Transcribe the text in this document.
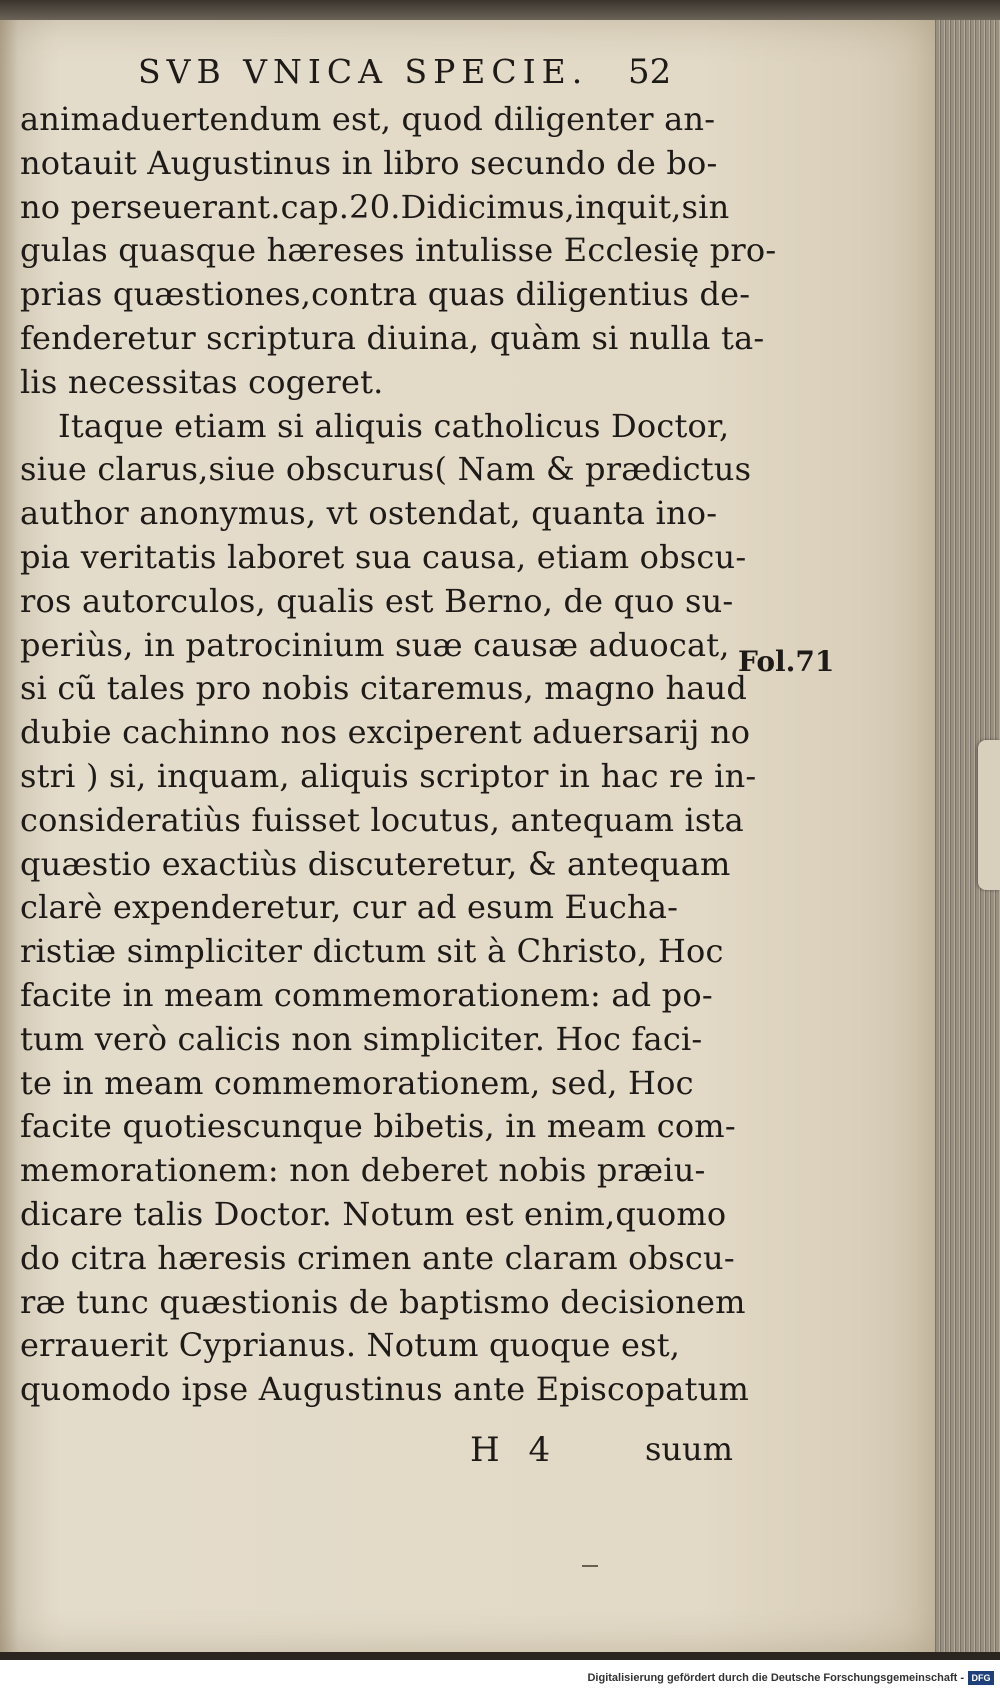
SVB VNICA SPECIE. 52
animaduertendum est, quod diligenter an-
notauit Augustinus in libro secundo de bo-
no perseuerant.cap.20.Didicimus,inquit,sin
gulas quasque hæreses intulisse Ecclesię pro-
prias quæstiones,contra quas diligentius de-
fenderetur scriptura diuina, quàm si nulla ta-
lis necessitas cogeret.
Itaque etiam si aliquis catholicus Doctor,
siue clarus,siue obscurus( Nam & prædictus
author anonymus, vt ostendat, quanta ino-
pia veritatis laboret sua causa, etiam obscu-
ros autorculos, qualis est Berno, de quo su-
periùs, in patrocinium suæ causæ aduocat,
si cũ tales pro nobis citaremus, magno haud
dubie cachinno nos exciperent aduersarij no
stri ) si, inquam, aliquis scriptor in hac re in-
consideratiùs fuisset locutus, antequam ista
quæstio exactiùs discuteretur, & antequam
clarè expenderetur, cur ad esum Eucha-
ristiæ simpliciter dictum sit à Christo, Hoc
facite in meam commemorationem: ad po-
tum verò calicis non simpliciter. Hoc faci-
te in meam commemorationem, sed, Hoc
facite quotiescunque bibetis, in meam com-
memorationem: non deberet nobis præiu-
dicare talis Doctor. Notum est enim,quomo
do citra hæresis crimen ante claram obscu-
ræ tunc quæstionis de baptismo decisionem
errauerit Cyprianus. Notum quoque est,
quomodo ipse Augustinus ante Episcopatum
Fol.71
H 4	suum
Digitalisierung gefördert durch die Deutsche Forschungsgemeinschaft - DFG
